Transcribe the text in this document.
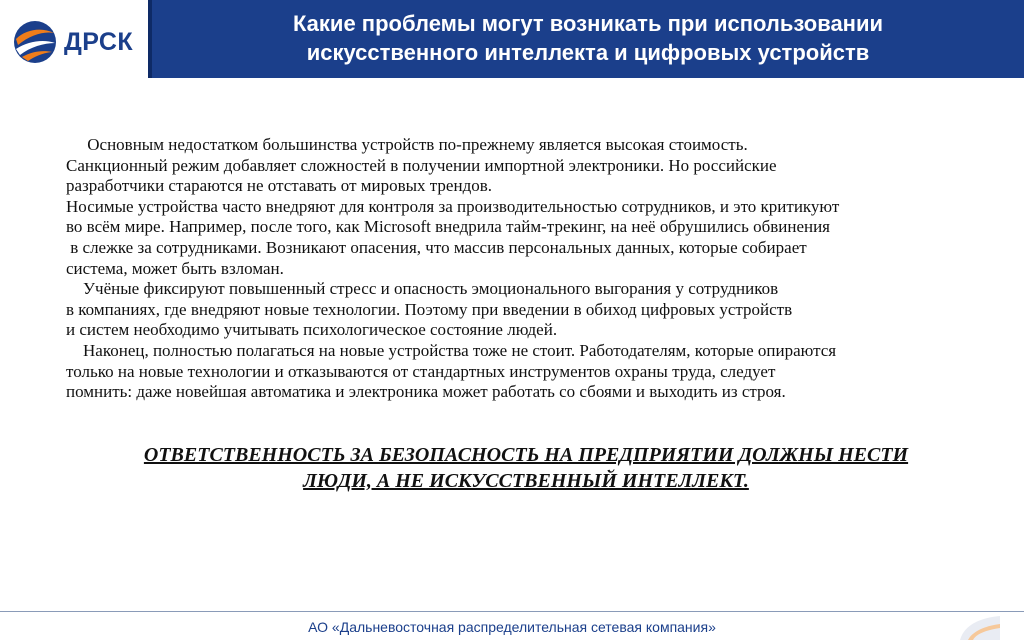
ДРСК
Какие проблемы могут возникать при использовании
искусственного интеллекта и цифровых устройств
Основным недостатком большинства устройств по-прежнему является высокая стоимость.
Санкционный режим добавляет сложностей в получении импортной электроники. Но российские
разработчики стараются не отставать от мировых трендов.
Носимые устройства часто внедряют для контроля за производительностью сотрудников, и это критикуют
во всём мире. Например, после того, как Microsoft внедрила тайм-трекинг, на неё обрушились обвинения
в слежке за сотрудниками. Возникают опасения, что массив персональных данных, которые собирает
система, может быть взломан.
Учёные фиксируют повышенный стресс и опасность эмоционального выгорания у сотрудников
в компаниях, где внедряют новые технологии. Поэтому при введении в обиход цифровых устройств
и систем необходимо учитывать психологическое состояние людей.
Наконец, полностью полагаться на новые устройства тоже не стоит. Работодателям, которые опираются
только на новые технологии и отказываются от стандартных инструментов охраны труда, следует
помнить: даже новейшая автоматика и электроника может работать со сбоями и выходить из строя.
ОТВЕТСТВЕННОСТЬ ЗА БЕЗОПАСНОСТЬ НА ПРЕДПРИЯТИИ ДОЛЖНЫ НЕСТИ
ЛЮДИ, А НЕ ИСКУССТВЕННЫЙ ИНТЕЛЛЕКТ.
АО «Дальневосточная распределительная сетевая компания»
